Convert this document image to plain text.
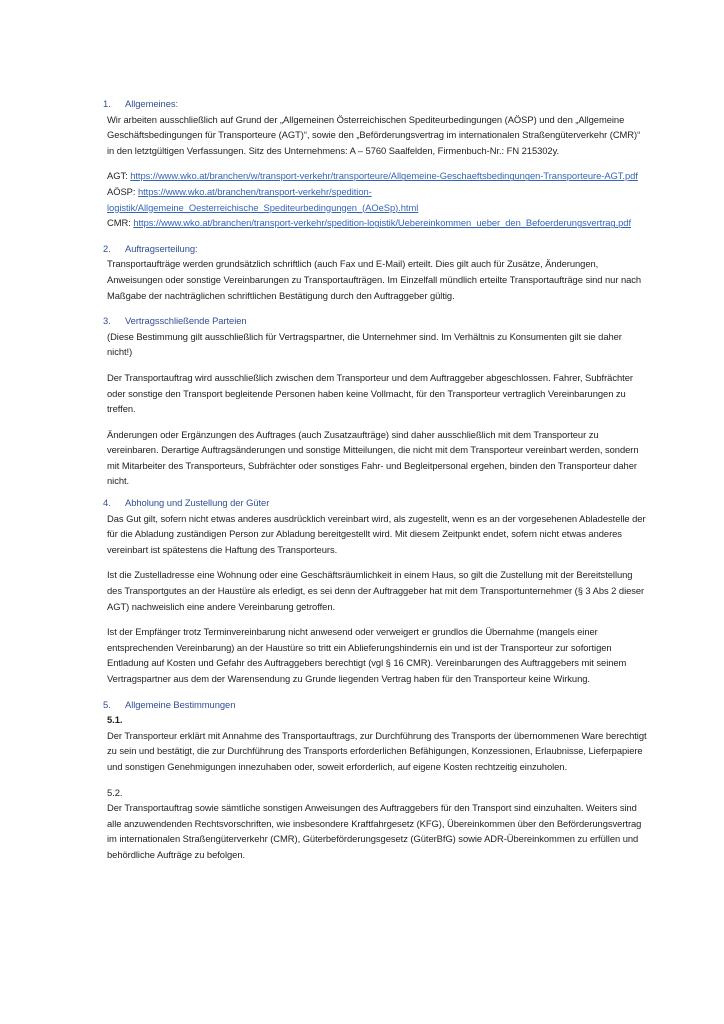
1.	Allgemeines:

Wir arbeiten ausschließlich auf Grund der „Allgemeinen Österreichischen Spediteurbedingungen (AÖSP) und den „Allgemeine Geschäftsbedingungen für Transporteure (AGT)“, sowie den „Beförderungsvertrag im internationalen Straßengüterverkehr (CMR)“ in den letztgültigen Verfassungen. Sitz des Unternehmens: A – 5760 Saalfelden, Firmenbuch-Nr.: FN 215302y.

AGT: https://www.wko.at/branchen/w/transport-verkehr/transporteure/Allgemeine-Geschaeftsbedingungen-Transporteure-AGT.pdf

AÖSP: https://www.wko.at/branchen/transport-verkehr/spedition-logistik/Allgemeine_Oesterreichische_Spediteurbedingungen_(AOeSp).html

CMR: https://www.wko.at/branchen/transport-verkehr/spedition-logistik/Uebereinkommen_ueber_den_Befoerderungsvertrag.pdf

2.	Auftragserteilung:

Transportaufträge werden grundsätzlich schriftlich (auch Fax und E-Mail) erteilt. Dies gilt auch für Zusätze, Änderungen, Anweisungen oder sonstige Vereinbarungen zu Transportaufträgen. Im Einzelfall mündlich erteilte Transportaufträge sind nur nach Maßgabe der nachträglichen schriftlichen Bestätigung durch den Auftraggeber gültig.

3.	Vertragsschließende Parteien

(Diese Bestimmung gilt ausschließlich für Vertragspartner, die Unternehmer sind. Im Verhältnis zu Konsumenten gilt sie daher nicht!)

Der Transportauftrag wird ausschließlich zwischen dem Transporteur und dem Auftraggeber abgeschlossen. Fahrer, Subfrächter oder sonstige den Transport begleitende Personen haben keine Vollmacht, für den Transporteur vertraglich Vereinbarungen zu treffen.

Änderungen oder Ergänzungen des Auftrages (auch Zusatzaufträge) sind daher ausschließlich mit dem Transporteur zu vereinbaren. Derartige Auftragsänderungen und sonstige Mitteilungen, die nicht mit dem Transporteur vereinbart werden, sondern mit Mitarbeiter des Transporteurs, Subfrächter oder sonstiges Fahr- und Begleitpersonal ergehen, binden den Transporteur daher nicht.

4.	Abholung und Zustellung der Güter

Das Gut gilt, sofern nicht etwas anderes ausdrücklich vereinbart wird, als zugestellt, wenn es an der vorgesehenen Abladestelle der für die Abladung zuständigen Person zur Abladung bereitgestellt wird. Mit diesem Zeitpunkt endet, sofern nicht etwas anderes vereinbart ist spätestens die Haftung des Transporteurs.

Ist die Zustelladresse eine Wohnung oder eine Geschäftsräumlichkeit in einem Haus, so gilt die Zustellung mit der Bereitstellung des Transportgutes an der Haustüre als erledigt, es sei denn der Auftraggeber hat mit dem Transportunternehmer (§ 3 Abs 2 dieser AGT) nachweislich eine andere Vereinbarung getroffen.

Ist der Empfänger trotz Terminvereinbarung nicht anwesend oder verweigert er grundlos die Übernahme (mangels einer entsprechenden Vereinbarung) an der Haustüre so tritt ein Ablieferungshindernis ein und ist der Transporteur zur sofortigen Entladung auf Kosten und Gefahr des Auftraggebers berechtigt (vgl § 16 CMR). Vereinbarungen des Auftraggebers mit seinem Vertragspartner aus dem der Warensendung zu Grunde liegenden Vertrag haben für den Transporteur keine Wirkung.

5.	Allgemeine Bestimmungen

5.1.

Der Transporteur erklärt mit Annahme des Transportauftrags, zur Durchführung des Transports der übernommenen Ware berechtigt zu sein und bestätigt, die zur Durchführung des Transports erforderlichen Befähigungen, Konzessionen, Erlaubnisse, Lieferpapiere und sonstigen Genehmigungen innezuhaben oder, soweit erforderlich, auf eigene Kosten rechtzeitig einzuholen.

5.2.

Der Transportauftrag sowie sämtliche sonstigen Anweisungen des Auftraggebers für den Transport sind einzuhalten. Weiters sind alle anzuwendenden Rechtsvorschriften, wie insbesondere Kraftfahrgesetz (KFG), Übereinkommen über den Beförderungsvertrag im internationalen Straßengüterverkehr (CMR), Güterbeförderungsgesetz (GüterBfG) sowie ADR-Übereinkommen zu erfüllen und behördliche Aufträge zu befolgen.
